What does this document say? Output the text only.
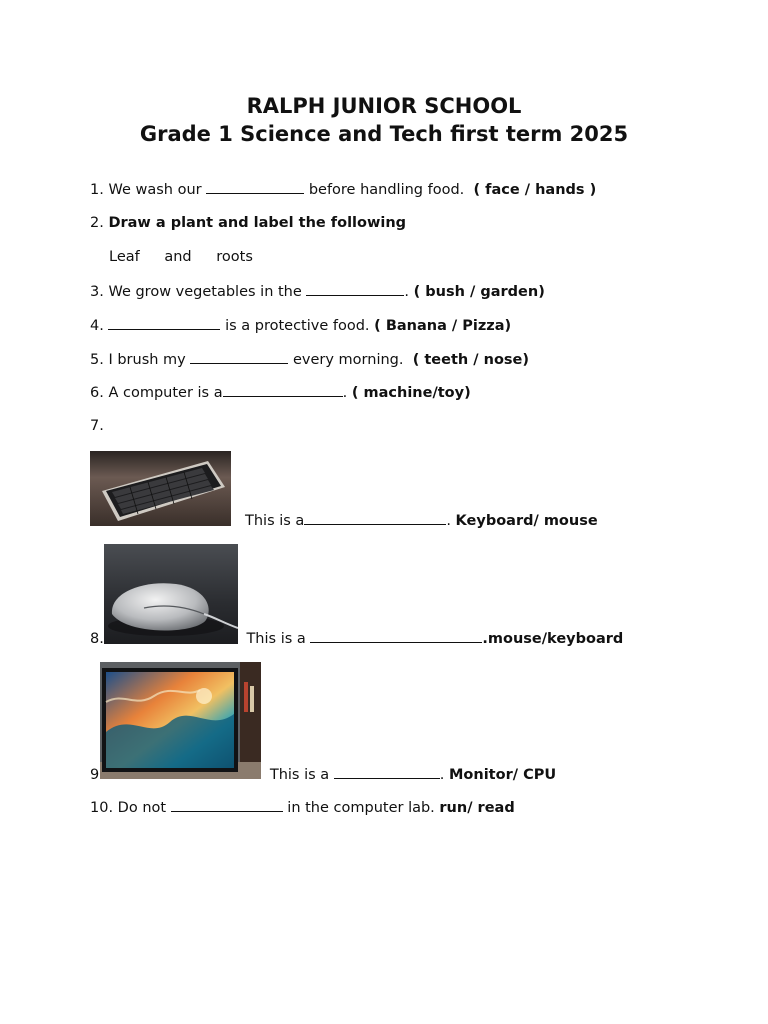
RALPH JUNIOR SCHOOL
Grade 1 Science and Tech first term 2025
1. We wash our	before handling food. ( face / hands )
2. Draw a plant and label the following
Leaf and roots
3. We grow vegetables in the	. ( bush / garden)
4.	is a protective food. ( Banana / Pizza)
5. I brush my	every morning. ( teeth / nose)
6. A computer is a	. ( machine/toy)
7.
This is a	. Keyboard/ mouse
8.	This is a	.mouse/keyboard
9	This is a	. Monitor/ CPU
10. Do not	in the computer lab. run/ read
